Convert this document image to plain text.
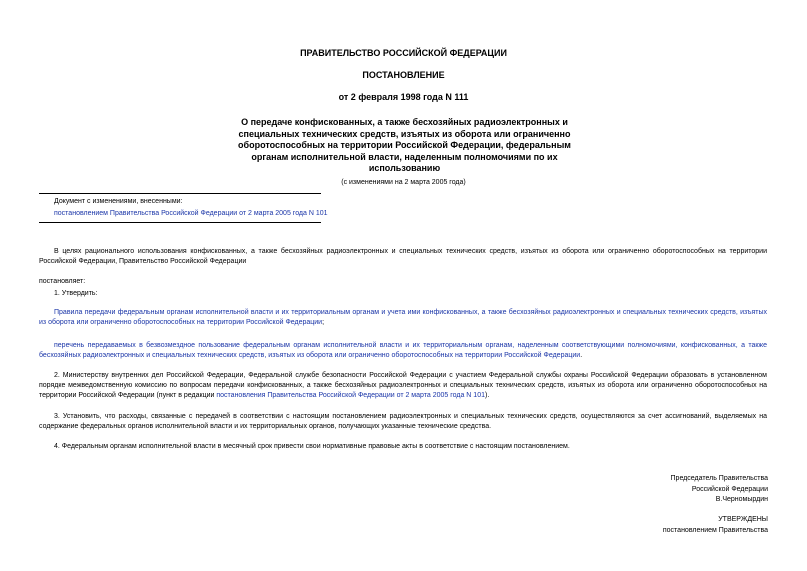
ПРАВИТЕЛЬСТВО РОССИЙСКОЙ ФЕДЕРАЦИИ
ПОСТАНОВЛЕНИЕ
от 2 февраля 1998 года N 111
О передаче конфискованных, а также бесхозяйных радиоэлектронных и специальных технических средств, изъятых из оборота или ограниченно оборотоспособных на территории Российской Федерации, федеральным органам исполнительной власти, наделенным полномочиями по их использованию
(с изменениями на 2 марта 2005 года)
Документ с изменениями, внесенными:
постановлением Правительства Российской Федерации от 2 марта 2005 года N 101

В целях рационального использования конфискованных, а также бесхозяйных радиоэлектронных и специальных технических средств, изъятых из оборота или ограниченно оборотоспособных на территории Российской Федерации, Правительство Российской Федерации

постановляет:

1. Утвердить:

Правила передачи федеральным органам исполнительной власти и их территориальным органам и учета ими конфискованных, а также бесхозяйных радиоэлектронных и специальных технических средств, изъятых из оборота или ограниченно оборотоспособных на территории Российской Федерации;

перечень передаваемых в безвозмездное пользование федеральным органам исполнительной власти и их территориальным органам, наделенным соответствующими полномочиями, конфискованных, а также бесхозяйных радиоэлектронных и специальных технических средств, изъятых из оборота или ограниченно оборотоспособных на территории Российской Федерации.

2. Министерству внутренних дел Российской Федерации, Федеральной службе безопасности Российской Федерации с участием Федеральной службы охраны Российской Федерации образовать в установленном порядке межведомственную комиссию по вопросам передачи конфискованных, а также бесхозяйных радиоэлектронных и специальных технических средств, изъятых из оборота или ограниченно оборотоспособных на территории Российской Федерации (пункт в редакции постановления Правительства Российской Федерации от 2 марта 2005 года N 101).

3. Установить, что расходы, связанные с передачей в соответствии с настоящим постановлением радиоэлектронных и специальных технических средств, осуществляются за счет ассигнований, выделяемых на содержание федеральных органов исполнительной власти и их территориальных органов, получающих указанные технические средства.

4. Федеральным органам исполнительной власти в месячный срок привести свои нормативные правовые акты в соответствие с настоящим постановлением.

Председатель Правительства
Российской Федерации
В.Черномырдин
УТВЕРЖДЕНЫ
постановлением Правительства
